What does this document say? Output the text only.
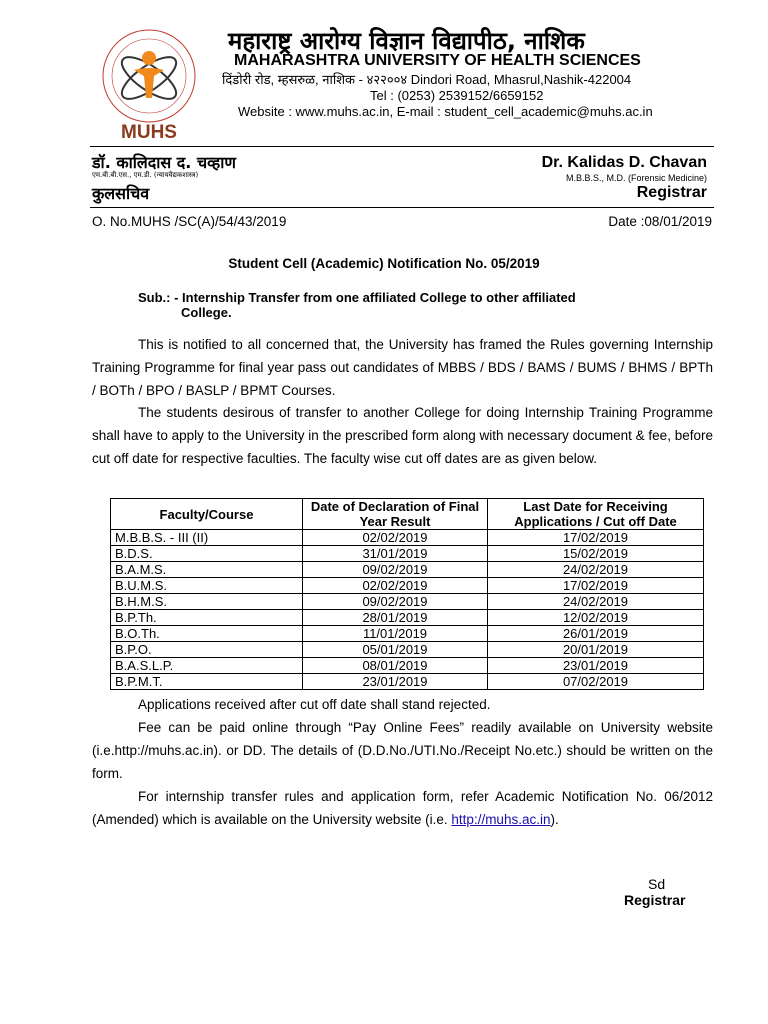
MUHS
महाराष्ट्र आरोग्य विज्ञान विद्यापीठ, नाशिक
MAHARASHTRA UNIVERSITY OF HEALTH SCIENCES
दिंडोरी रोड, म्हसरुळ, नाशिक - ४२२००४ Dindori Road, Mhasrul,Nashik-422004
Tel : (0253) 2539152/6659152
Website : www.muhs.ac.in, E-mail : student_cell_academic@muhs.ac.in
डॉ. कालिदास द. चव्हाण
एम.बी.बी.एस., एम.डी. (न्यायवैद्यकशास्त्र)
कुलसचिव
Dr. Kalidas D. Chavan
M.B.B.S., M.D. (Forensic Medicine)
Registrar
O. No.MUHS /SC(A)/54/43/2019	Date :08/01/2019
Student Cell (Academic) Notification No. 05/2019
Sub.: - Internship Transfer from one affiliated College to other affiliated
College.

This is notified to all concerned that, the University has framed the Rules governing Internship Training Programme for final year pass out candidates of MBBS / BDS / BAMS / BUMS / BHMS / BPTh / BOTh / BPO / BASLP / BPMT Courses.

The students desirous of transfer to another College for doing Internship Training Programme shall have to apply to the University in the prescribed form along with necessary document & fee, before cut off date for respective faculties. The faculty wise cut off dates are as given below.

Faculty/Course	Date of Declaration of Final Year Result	Last Date for Receiving Applications / Cut off Date
M.B.B.S. - III (II)	02/02/2019	17/02/2019
B.D.S.	31/01/2019	15/02/2019
B.A.M.S.	09/02/2019	24/02/2019
B.U.M.S.	02/02/2019	17/02/2019
B.H.M.S.	09/02/2019	24/02/2019
B.P.Th.	28/01/2019	12/02/2019
B.O.Th.	11/01/2019	26/01/2019
B.P.O.	05/01/2019	20/01/2019
B.A.S.L.P.	08/01/2019	23/01/2019
B.P.M.T.	23/01/2019	07/02/2019

Applications received after cut off date shall stand rejected.

Fee can be paid online through “Pay Online Fees” readily available on University website (i.e.http://muhs.ac.in). or DD. The details of (D.D.No./UTI.No./Receipt No.etc.) should be written on the form.

For internship transfer rules and application form, refer Academic Notification No. 06/2012 (Amended) which is available on the University website (i.e. http://muhs.ac.in).

Sd
Registrar
